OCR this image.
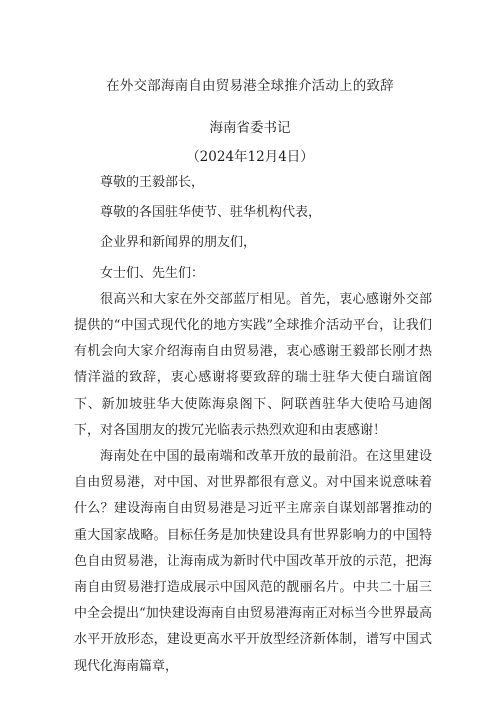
在外交部海南自由贸易港全球推介活动上的致辞
海南省委书记
（2024年12月4日）

尊敬的王毅部长，

尊敬的各国驻华使节、驻华机构代表，

企业界和新闻界的朋友们，

女士们、先生们：

很高兴和大家在外交部蓝厅相见。首先，衷心感谢外交部提供的“中国式现代化的地方实践”全球推介活动平台，让我们有机会向大家介绍海南自由贸易港，衷心感谢王毅部长刚才热情洋溢的致辞，衷心感谢将要致辞的瑞士驻华大使白瑞谊阁下、新加坡驻华大使陈海泉阁下、阿联酋驻华大使哈马迪阁下，对各国朋友的拨冗光临表示热烈欢迎和由衷感谢！

海南处在中国的最南端和改革开放的最前沿。在这里建设自由贸易港，对中国、对世界都很有意义。对中国来说意味着什么？建设海南自由贸易港是习近平主席亲自谋划部署推动的重大国家战略。目标任务是加快建设具有世界影响力的中国特色自由贸易港，让海南成为新时代中国改革开放的示范，把海南自由贸易港打造成展示中国风范的靓丽名片。中共二十届三中全会提出“加快建设海南自由贸易港海南正对标当今世界最高水平开放形态，建设更高水平开放型经济新体制，谱写中国式现代化海南篇章，
